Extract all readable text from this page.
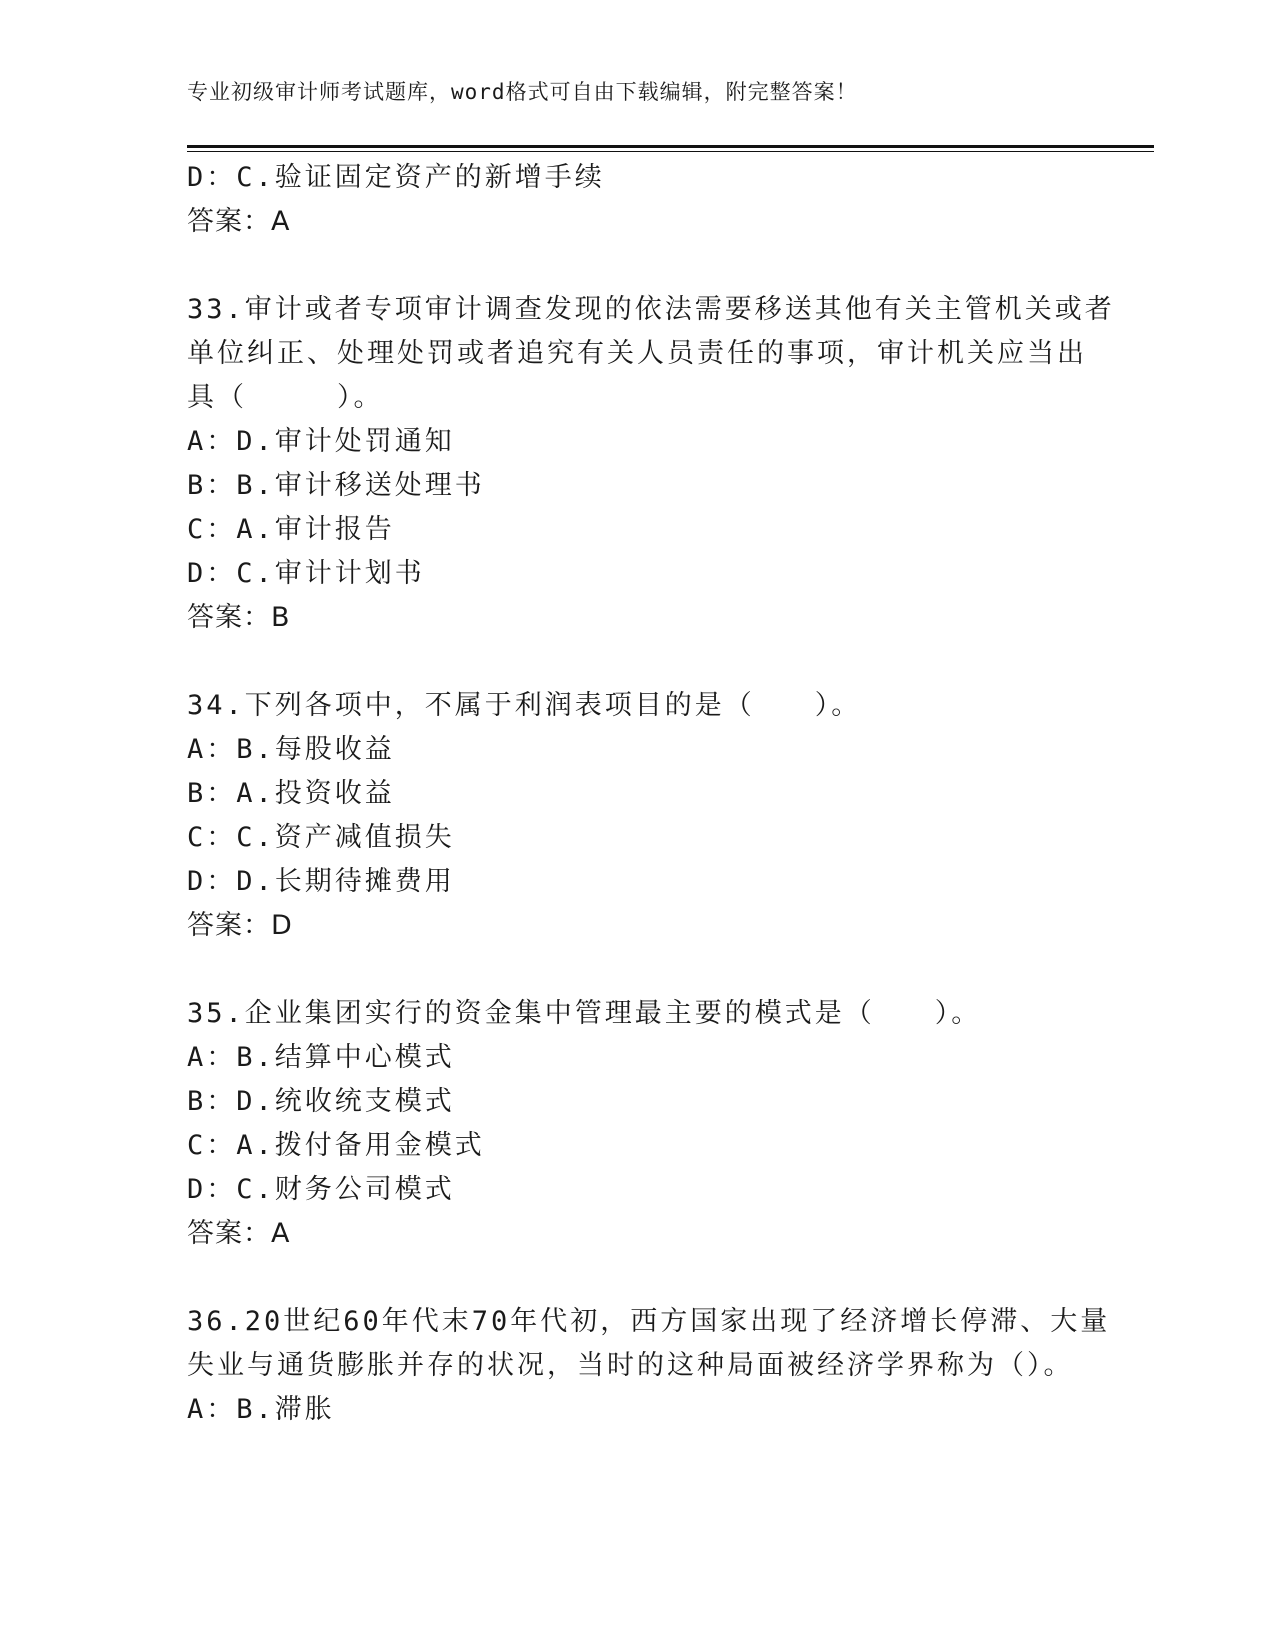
专业初级审计师考试题库，word格式可自由下载编辑，附完整答案！
D：C.验证固定资产的新增手续
答案：A
33.审计或者专项审计调查发现的依法需要移送其他有关主管机关或者
单位纠正、处理处罚或者追究有关人员责任的事项，审计机关应当出
具（　　　）。
A：D.审计处罚通知
B：B.审计移送处理书
C：A.审计报告
D：C.审计计划书
答案：B
34.下列各项中，不属于利润表项目的是（　　）。
A：B.每股收益
B：A.投资收益
C：C.资产减值损失
D：D.长期待摊费用
答案：D
35.企业集团实行的资金集中管理最主要的模式是（　　）。
A：B.结算中心模式
B：D.统收统支模式
C：A.拨付备用金模式
D：C.财务公司模式
答案：A
36.20世纪60年代末70年代初，西方国家出现了经济增长停滞、大量
失业与通货膨胀并存的状况，当时的这种局面被经济学界称为（）。
A：B.滞胀
